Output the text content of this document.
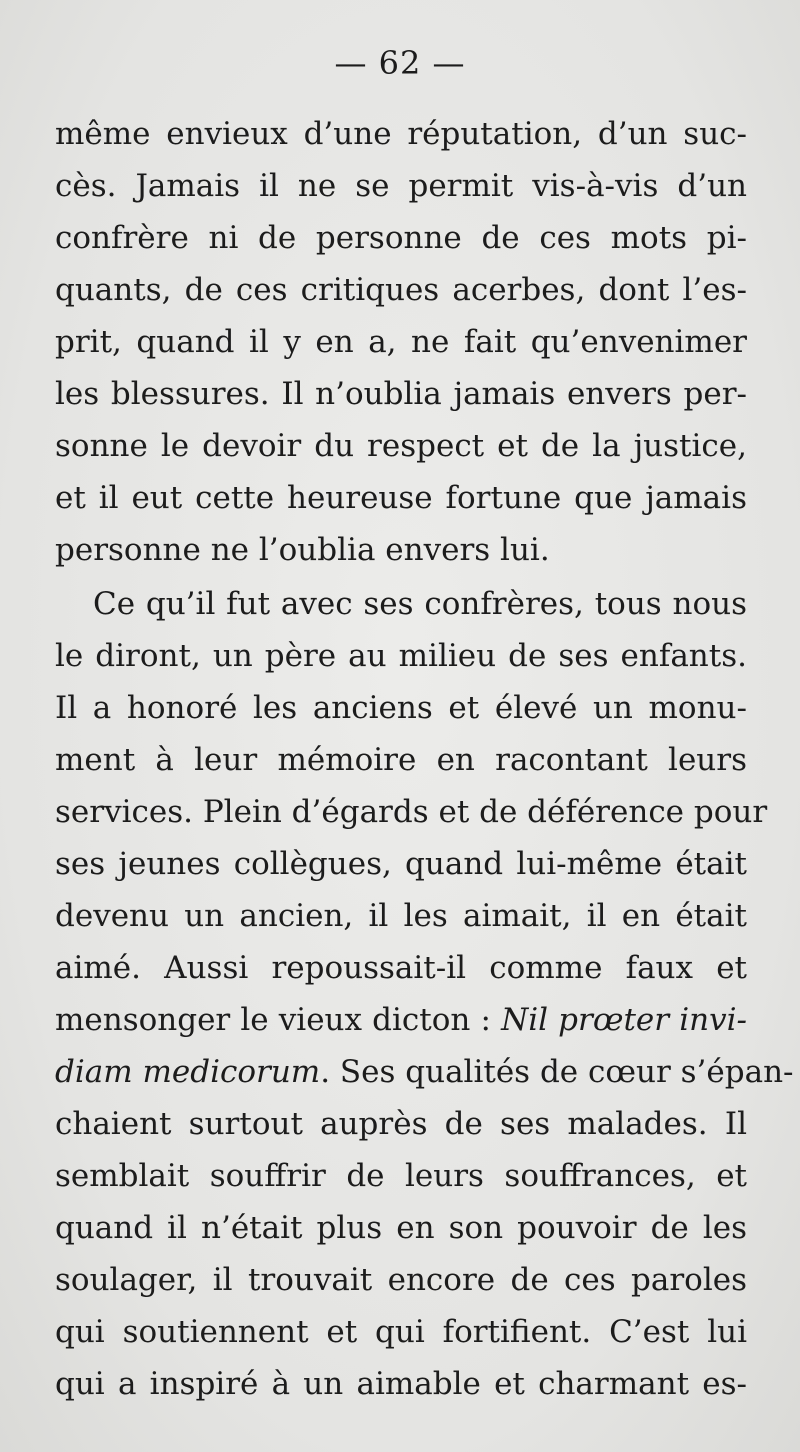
— 62 —
même envieux d’une réputation, d’un suc-
cès. Jamais il ne se permit vis-à-vis d’un
confrère ni de personne de ces mots pi-
quants, de ces critiques acerbes, dont l’es-
prit, quand il y en a, ne fait qu’envenimer
les blessures. Il n’oublia jamais envers per-
sonne le devoir du respect et de la justice,
et il eut cette heureuse fortune que jamais
personne ne l’oublia envers lui.
Ce qu’il fut avec ses confrères, tous nous
le diront, un père au milieu de ses enfants.
Il a honoré les anciens et élevé un monu-
ment à leur mémoire en racontant leurs
services. Plein d’égards et de déférence pour
ses jeunes collègues, quand lui-même était
devenu un ancien, il les aimait, il en était
aimé. Aussi repoussait-il comme faux et
mensonger le vieux dicton : Nil prœter invi-
diam medicorum. Ses qualités de cœur s’épan-
chaient surtout auprès de ses malades. Il
semblait souffrir de leurs souffrances, et
quand il n’était plus en son pouvoir de les
soulager, il trouvait encore de ces paroles
qui soutiennent et qui fortifient. C’est lui
qui a inspiré à un aimable et charmant es-
